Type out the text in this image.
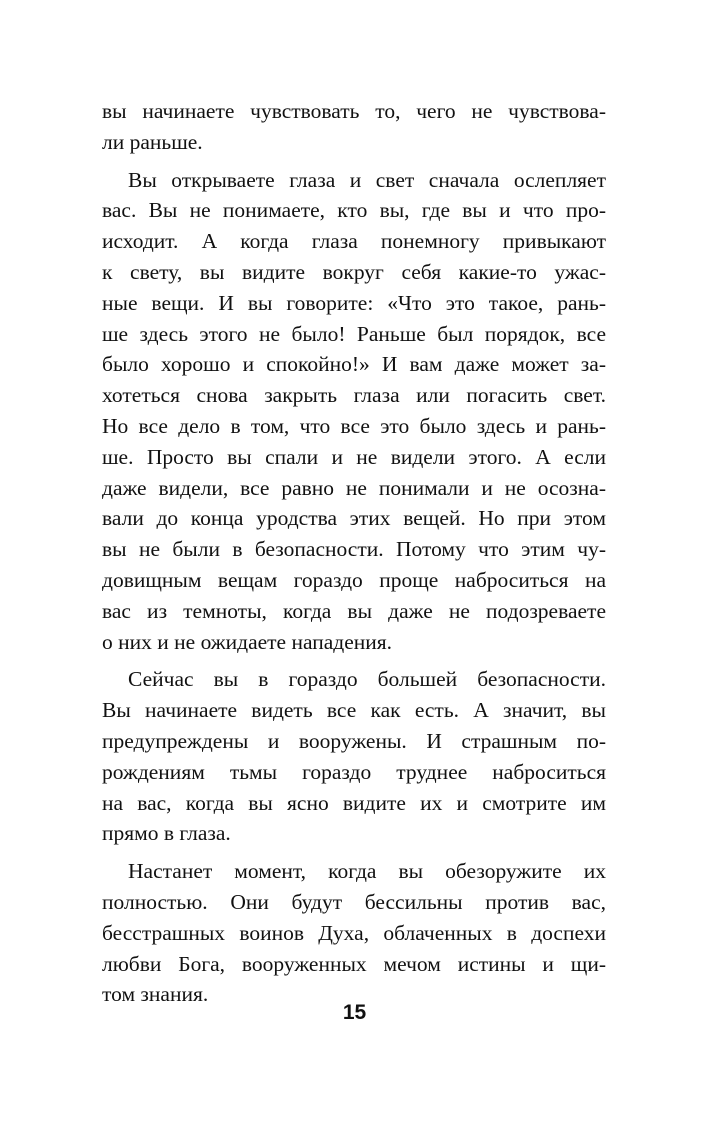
вы начинаете чувствовать то, чего не чувствова-
ли раньше.
Вы открываете глаза и свет сначала ослепляет
вас. Вы не понимаете, кто вы, где вы и что про-
исходит. А когда глаза понемногу привыкают
к свету, вы видите вокруг себя какие-то ужас-
ные вещи. И вы говорите: «Что это такое, рань-
ше здесь этого не было! Раньше был порядок, все
было хорошо и спокойно!» И вам даже может за-
хотеться снова закрыть глаза или погасить свет.
Но все дело в том, что все это было здесь и рань-
ше. Просто вы спали и не видели этого. А если
даже видели, все равно не понимали и не осозна-
вали до конца уродства этих вещей. Но при этом
вы не были в безопасности. Потому что этим чу-
довищным вещам гораздо проще наброситься на
вас из темноты, когда вы даже не подозреваете
о них и не ожидаете нападения.
Сейчас вы в гораздо большей безопасности.
Вы начинаете видеть все как есть. А значит, вы
предупреждены и вооружены. И страшным по-
рождениям тьмы гораздо труднее наброситься
на вас, когда вы ясно видите их и смотрите им
прямо в глаза.
Настанет момент, когда вы обезоружите их
полностью. Они будут бессильны против вас,
бесстрашных воинов Духа, облаченных в доспехи
любви Бога, вооруженных мечом истины и щи-
том знания.
15
